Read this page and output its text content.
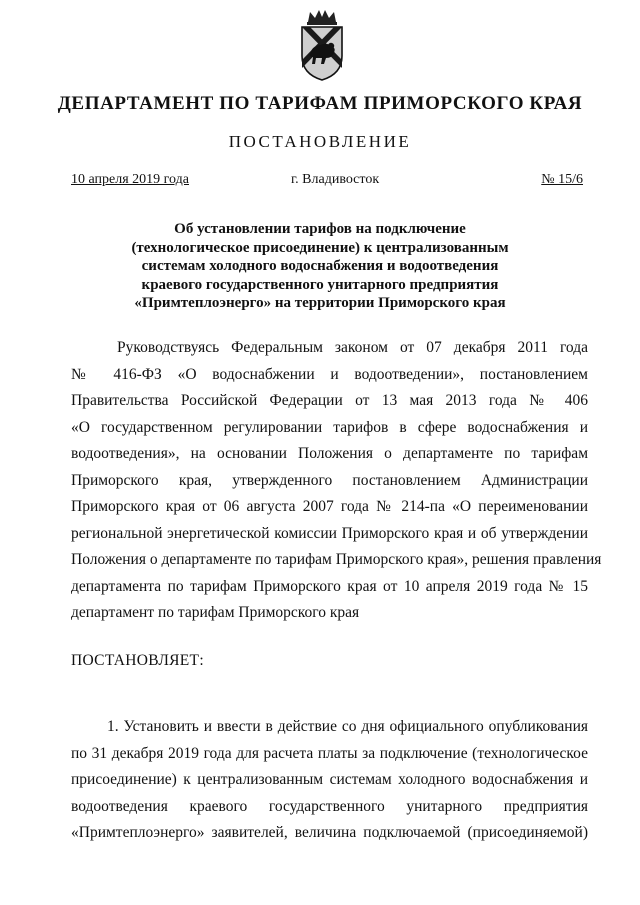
ДЕПАРТАМЕНТ ПО ТАРИФАМ ПРИМОРСКОГО КРАЯ
ПОСТАНОВЛЕНИЕ
10 апреля 2019 года	г. Владивосток	№ 15/6
Об установлении тарифов на подключение
(технологическое присоединение) к централизованным
системам холодного водоснабжения и водоотведения
краевого государственного унитарного предприятия
«Примтеплоэнерго» на территории Приморского края
Руководствуясь Федеральным законом от 07 декабря 2011 года
№ 416-ФЗ «О водоснабжении и водоотведении», постановлением
Правительства Российской Федерации от 13 мая 2013 года № 406
«О государственном регулировании тарифов в сфере водоснабжения и
водоотведения», на основании Положения о департаменте по тарифам
Приморского края, утвержденного постановлением Администрации
Приморского края от 06 августа 2007 года № 214-па «О переименовании
региональной энергетической комиссии Приморского края и об утверждении
Положения о департаменте по тарифам Приморского края», решения правления
департамента по тарифам Приморского края от 10 апреля 2019 года № 15
департамент по тарифам Приморского края
ПОСТАНОВЛЯЕТ:
1. Установить и ввести в действие со дня официального опубликования
по 31 декабря 2019 года для расчета платы за подключение (технологическое
присоединение) к централизованным системам холодного водоснабжения и
водоотведения краевого государственного унитарного предприятия
«Примтеплоэнерго» заявителей, величина подключаемой (присоединяемой)
